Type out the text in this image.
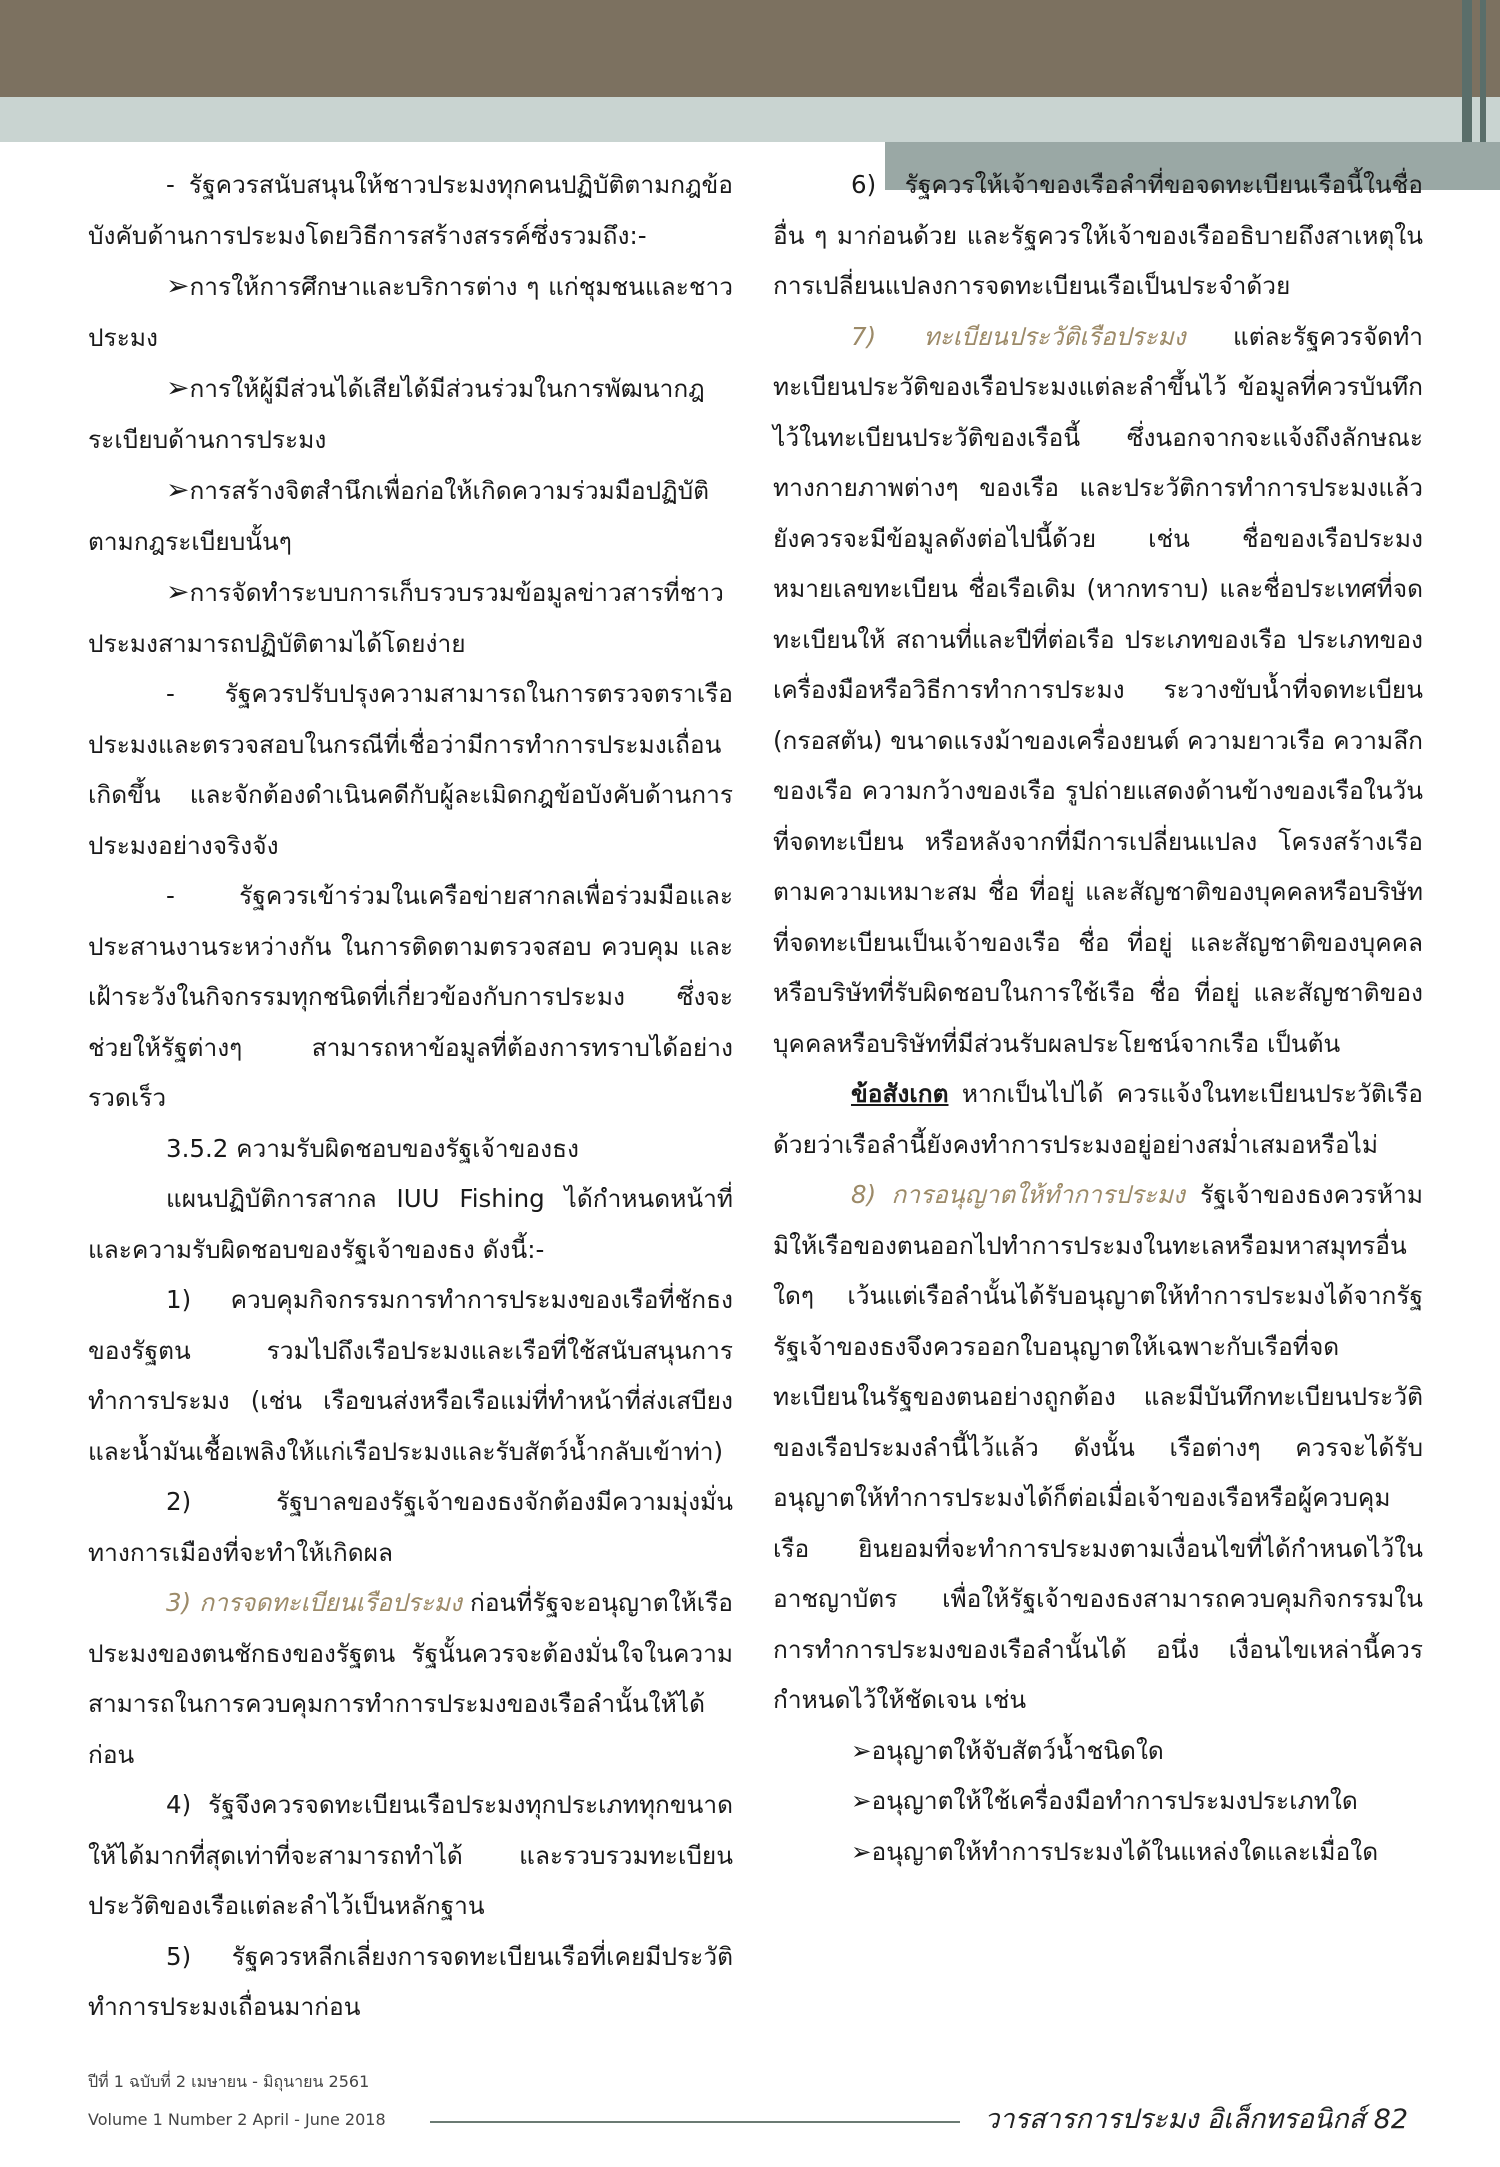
- รัฐควรสนับสนุนให้ชาวประมงทุกคนปฏิบัติตามกฎข้อบังคับด้านการประมงโดยวิธีการสร้างสรรค์ซึ่งรวมถึง:-

➢การให้การศึกษาและบริการต่าง ๆ แก่ชุมชนและชาวประมง

➢การให้ผู้มีส่วนได้เสียได้มีส่วนร่วมในการพัฒนากฎระเบียบด้านการประมง

➢การสร้างจิตสำนึกเพื่อก่อให้เกิดความร่วมมือปฏิบัติตามกฎระเบียบนั้นๆ

➢การจัดทำระบบการเก็บรวบรวมข้อมูลข่าวสารที่ชาวประมงสามารถปฏิบัติตามได้โดยง่าย

- รัฐควรปรับปรุงความสามารถในการตรวจตราเรือประมงและตรวจสอบในกรณีที่เชื่อว่ามีการทำการประมงเถื่อนเกิดขึ้น และจักต้องดำเนินคดีกับผู้ละเมิดกฎข้อบังคับด้านการประมงอย่างจริงจัง

- รัฐควรเข้าร่วมในเครือข่ายสากลเพื่อร่วมมือและประสานงานระหว่างกัน ในการติดตามตรวจสอบ ควบคุม และเฝ้าระวังในกิจกรรมทุกชนิดที่เกี่ยวข้องกับการประมง ซึ่งจะช่วยให้รัฐต่างๆ สามารถหาข้อมูลที่ต้องการทราบได้อย่างรวดเร็ว

3.5.2 ความรับผิดชอบของรัฐเจ้าของธง

แผนปฏิบัติการสากล IUU Fishing ได้กำหนดหน้าที่และความรับผิดชอบของรัฐเจ้าของธง ดังนี้:-

1) ควบคุมกิจกรรมการทำการประมงของเรือที่ชักธงของรัฐตน รวมไปถึงเรือประมงและเรือที่ใช้สนับสนุนการทำการประมง (เช่น เรือขนส่งหรือเรือแม่ที่ทำหน้าที่ส่งเสบียงและน้ำมันเชื้อเพลิงให้แก่เรือประมงและรับสัตว์น้ำกลับเข้าท่า)

2) รัฐบาลของรัฐเจ้าของธงจักต้องมีความมุ่งมั่นทางการเมืองที่จะทำให้เกิดผล

3) การจดทะเบียนเรือประมง ก่อนที่รัฐจะอนุญาตให้เรือประมงของตนชักธงของรัฐตน รัฐนั้นควรจะต้องมั่นใจในความสามารถในการควบคุมการทำการประมงของเรือลำนั้นให้ได้ก่อน

4) รัฐจึงควรจดทะเบียนเรือประมงทุกประเภททุกขนาดให้ได้มากที่สุดเท่าที่จะสามารถทำได้ และรวบรวมทะเบียนประวัติของเรือแต่ละลำไว้เป็นหลักฐาน

5) รัฐควรหลีกเลี่ยงการจดทะเบียนเรือที่เคยมีประวัติทำการประมงเถื่อนมาก่อน

6) รัฐควรให้เจ้าของเรือลำที่ขอจดทะเบียนเรือนี้ในชื่ออื่น ๆ มาก่อนด้วย และรัฐควรให้เจ้าของเรืออธิบายถึงสาเหตุในการเปลี่ยนแปลงการจดทะเบียนเรือเป็นประจำด้วย

7) ทะเบียนประวัติเรือประมง แต่ละรัฐควรจัดทำทะเบียนประวัติของเรือประมงแต่ละลำขึ้นไว้ ข้อมูลที่ควรบันทึกไว้ในทะเบียนประวัติของเรือนี้ ซึ่งนอกจากจะแจ้งถึงลักษณะทางกายภาพต่างๆ ของเรือ และประวัติการทำการประมงแล้ว ยังควรจะมีข้อมูลดังต่อไปนี้ด้วย เช่น ชื่อของเรือประมง หมายเลขทะเบียน ชื่อเรือเดิม (หากทราบ) และชื่อประเทศที่จดทะเบียนให้ สถานที่และปีที่ต่อเรือ ประเภทของเรือ ประเภทของเครื่องมือหรือวิธีการทำการประมง ระวางขับน้ำที่จดทะเบียน (กรอสตัน) ขนาดแรงม้าของเครื่องยนต์ ความยาวเรือ ความลึกของเรือ ความกว้างของเรือ รูปถ่ายแสดงด้านข้างของเรือในวันที่จดทะเบียน หรือหลังจากที่มีการเปลี่ยนแปลง โครงสร้างเรือตามความเหมาะสม ชื่อ ที่อยู่ และสัญชาติของบุคคลหรือบริษัทที่จดทะเบียนเป็นเจ้าของเรือ ชื่อ ที่อยู่ และสัญชาติของบุคคลหรือบริษัทที่รับผิดชอบในการใช้เรือ ชื่อ ที่อยู่ และสัญชาติของบุคคลหรือบริษัทที่มีส่วนรับผลประโยชน์จากเรือ เป็นต้น

ข้อสังเกต หากเป็นไปได้ ควรแจ้งในทะเบียนประวัติเรือด้วยว่าเรือลำนี้ยังคงทำการประมงอยู่อย่างสม่ำเสมอหรือไม่

8) การอนุญาตให้ทำการประมง รัฐเจ้าของธงควรห้ามมิให้เรือของตนออกไปทำการประมงในทะเลหรือมหาสมุทรอื่นใดๆ เว้นแต่เรือลำนั้นได้รับอนุญาตให้ทำการประมงได้จากรัฐ รัฐเจ้าของธงจึงควรออกใบอนุญาตให้เฉพาะกับเรือที่จดทะเบียนในรัฐของตนอย่างถูกต้อง และมีบันทึกทะเบียนประวัติของเรือประมงลำนี้ไว้แล้ว ดังนั้น เรือต่างๆ ควรจะได้รับอนุญาตให้ทำการประมงได้ก็ต่อเมื่อเจ้าของเรือหรือผู้ควบคุมเรือ ยินยอมที่จะทำการประมงตามเงื่อนไขที่ได้กำหนดไว้ในอาชญาบัตร เพื่อให้รัฐเจ้าของธงสามารถควบคุมกิจกรรมในการทำการประมงของเรือลำนั้นได้ อนึ่ง เงื่อนไขเหล่านี้ควรกำหนดไว้ให้ชัดเจน เช่น

➢อนุญาตให้จับสัตว์น้ำชนิดใด

➢อนุญาตให้ใช้เครื่องมือทำการประมงประเภทใด

➢อนุญาตให้ทำการประมงได้ในแหล่งใดและเมื่อใด

ปีที่ 1 ฉบับที่ 2 เมษายน - มิถุนายน 2561
Volume 1 Number 2 April - June 2018	วารสารการประมง อิเล็กทรอนิกส์ 82
